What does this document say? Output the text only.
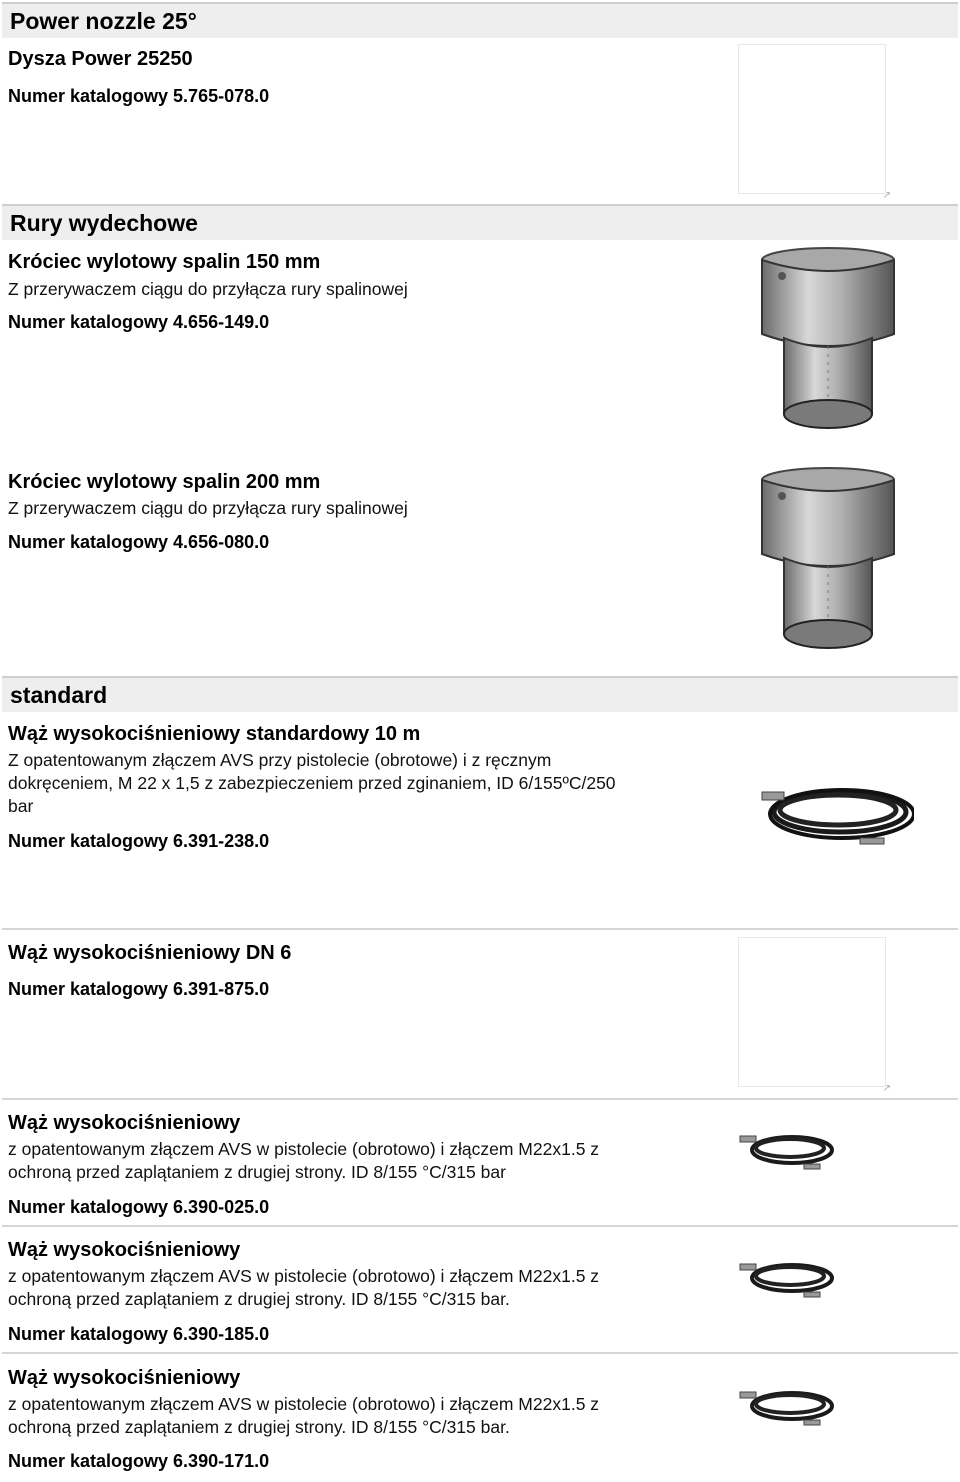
Power nozzle 25°
Dysza Power 25250
Numer katalogowy 5.765-078.0
↗
Rury wydechowe
Króciec wylotowy spalin 150 mm
Z przerywaczem ciągu do przyłącza rury spalinowej
Numer katalogowy 4.656-149.0
Króciec wylotowy spalin 200 mm
Z przerywaczem ciągu do przyłącza rury spalinowej
Numer katalogowy 4.656-080.0
standard
Wąż wysokociśnieniowy standardowy 10 m
Z opatentowanym złączem AVS przy pistolecie (obrotowe) i z ręcznym
dokręceniem, M 22 x 1,5 z zabezpieczeniem przed zginaniem, ID 6/155ºC/250
bar
Numer katalogowy 6.391-238.0
Wąż wysokociśnieniowy DN 6
Numer katalogowy 6.391-875.0
↗
Wąż wysokociśnieniowy
z opatentowanym złączem AVS w pistolecie (obrotowo) i złączem M22x1.5 z
ochroną przed zaplątaniem z drugiej strony. ID 8/155 °C/315 bar
Numer katalogowy 6.390-025.0
Wąż wysokociśnieniowy
z opatentowanym złączem AVS w pistolecie (obrotowo) i złączem M22x1.5 z
ochroną przed zaplątaniem z drugiej strony. ID 8/155 °C/315 bar.
Numer katalogowy 6.390-185.0
Wąż wysokociśnieniowy
z opatentowanym złączem AVS w pistolecie (obrotowo) i złączem M22x1.5 z
ochroną przed zaplątaniem z drugiej strony. ID 8/155 °C/315 bar.
Numer katalogowy 6.390-171.0
